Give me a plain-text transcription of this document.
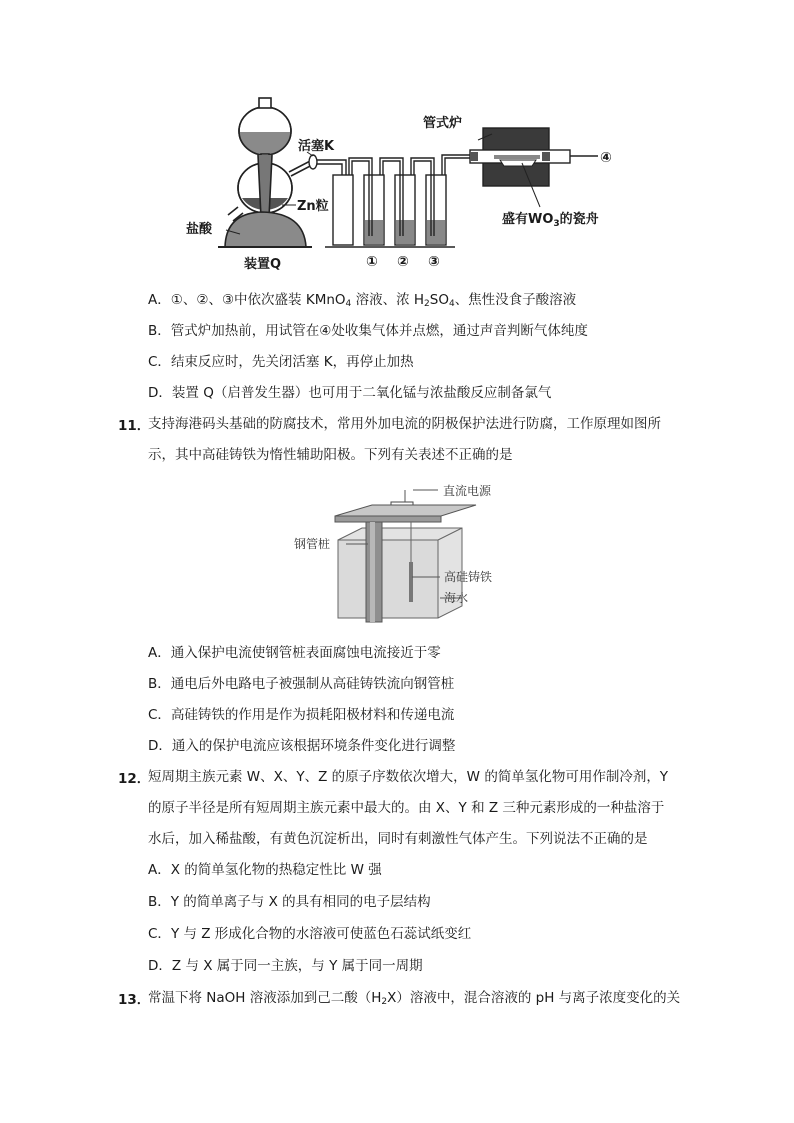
管式炉
活塞K
Zn粒
盐酸
装置Q
盛有$WO_3$的瓷舟
① ② ③
④
A．①、②、③中依次盛装 KMnO$_4$ 溶液、浓 $H_2SO_4$、焦性没食子酸溶液
B．管式炉加热前，用试管在④处收集气体并点燃，通过声音判断气体纯度
C．结束反应时，先关闭活塞 K，再停止加热
D．装置 Q（启普发生器）也可用于二氧化锰与浓盐酸反应制备氯气
11．
支持海港码头基础的防腐技术，常用外加电流的阴极保护法进行防腐，工作原理如图所
示，其中高硅铸铁为惰性辅助阳极。下列有关表述不正确的是
直流电源
钢管桩
高硅铸铁
海水
A．通入保护电流使钢管桩表面腐蚀电流接近于零
B．通电后外电路电子被强制从高硅铸铁流向钢管桩
C．高硅铸铁的作用是作为损耗阳极材料和传递电流
D．通入的保护电流应该根据环境条件变化进行调整
12．
短周期主族元素 W、X、Y、Z 的原子序数依次增大，W 的简单氢化物可用作制冷剂，Y
的原子半径是所有短周期主族元素中最大的。由 X、Y 和 Z 三种元素形成的一种盐溶于
水后，加入稀盐酸，有黄色沉淀析出，同时有刺激性气体产生。下列说法不正确的是
A．X 的简单氢化物的热稳定性比 W 强
B．Y 的简单离子与 X 的具有相同的电子层结构
C．Y 与 Z 形成化合物的水溶液可使蓝色石蕊试纸变红
D．Z 与 X 属于同一主族，与 Y 属于同一周期
13．
常温下将 NaOH 溶液添加到己二酸$(H_2X)$溶液中，混合溶液的 pH 与离子浓度变化的关
